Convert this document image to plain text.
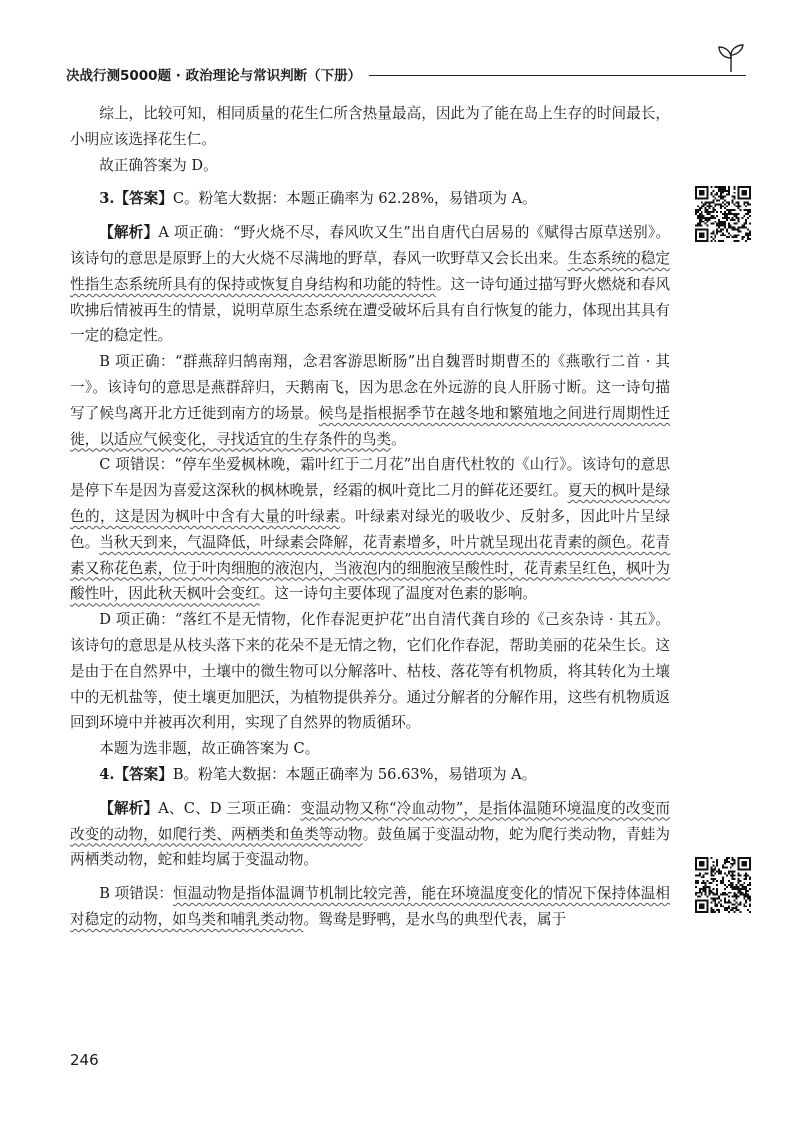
决战行测5000题 · 政治理论与常识判断（下册）

综上，比较可知，相同质量的花生仁所含热量最高，因此为了能在岛上生存的时间最长，小明应该选择花生仁。

故正确答案为 D。

3.【答案】C。粉笔大数据：本题正确率为 62.28%，易错项为 A。

【解析】A 项正确：“野火烧不尽，春风吹又生”出自唐代白居易的《赋得古原草送别》。该诗句的意思是原野上的大火烧不尽满地的野草，春风一吹野草又会长出来。生态系统的稳定性指生态系统所具有的保持或恢复自身结构和功能的特性。这一诗句通过描写野火燃烧和春风吹拂后情被再生的情景，说明草原生态系统在遭受破坏后具有自行恢复的能力，体现出其具有一定的稳定性。

B 项正确：“群燕辞归鹄南翔，念君客游思断肠”出自魏晋时期曹丕的《燕歌行二首 · 其一》。该诗句的意思是燕群辞归，天鹅南飞，因为思念在外远游的良人肝肠寸断。这一诗句描写了候鸟离开北方迁徙到南方的场景。候鸟是指根据季节在越冬地和繁殖地之间进行周期性迁徙，以适应气候变化，寻找适宜的生存条件的鸟类。

C 项错误：“停车坐爱枫林晚，霜叶红于二月花”出自唐代杜牧的《山行》。该诗句的意思是停下车是因为喜爱这深秋的枫林晚景，经霜的枫叶竟比二月的鲜花还要红。夏天的枫叶是绿色的，这是因为枫叶中含有大量的叶绿素。叶绿素对绿光的吸收少、反射多，因此叶片呈绿色。当秋天到来，气温降低，叶绿素会降解，花青素增多，叶片就呈现出花青素的颜色。花青素又称花色素，位于叶肉细胞的液泡内，当液泡内的细胞液呈酸性时，花青素呈红色，枫叶为酸性叶，因此秋天枫叶会变红。这一诗句主要体现了温度对色素的影响。

D 项正确：“落红不是无情物，化作春泥更护花”出自清代龚自珍的《己亥杂诗 · 其五》。该诗句的意思是从枝头落下来的花朵不是无情之物，它们化作春泥，帮助美丽的花朵生长。这是由于在自然界中，土壤中的微生物可以分解落叶、枯枝、落花等有机物质，将其转化为土壤中的无机盐等，使土壤更加肥沃，为植物提供养分。通过分解者的分解作用，这些有机物质返回到环境中并被再次利用，实现了自然界的物质循环。

本题为选非题，故正确答案为 C。

4.【答案】B。粉笔大数据：本题正确率为 56.63%，易错项为 A。

【解析】A、C、D 三项正确：变温动物又称“冷血动物”，是指体温随环境温度的改变而改变的动物，如爬行类、两栖类和鱼类等动物。鼓鱼属于变温动物，蛇为爬行类动物，青蛙为两栖类动物，蛇和蛙均属于变温动物。

B 项错误：恒温动物是指体温调节机制比较完善，能在环境温度变化的情况下保持体温相对稳定的动物，如鸟类和哺乳类动物。鸳鸯是野鸭，是水鸟的典型代表，属于

246
